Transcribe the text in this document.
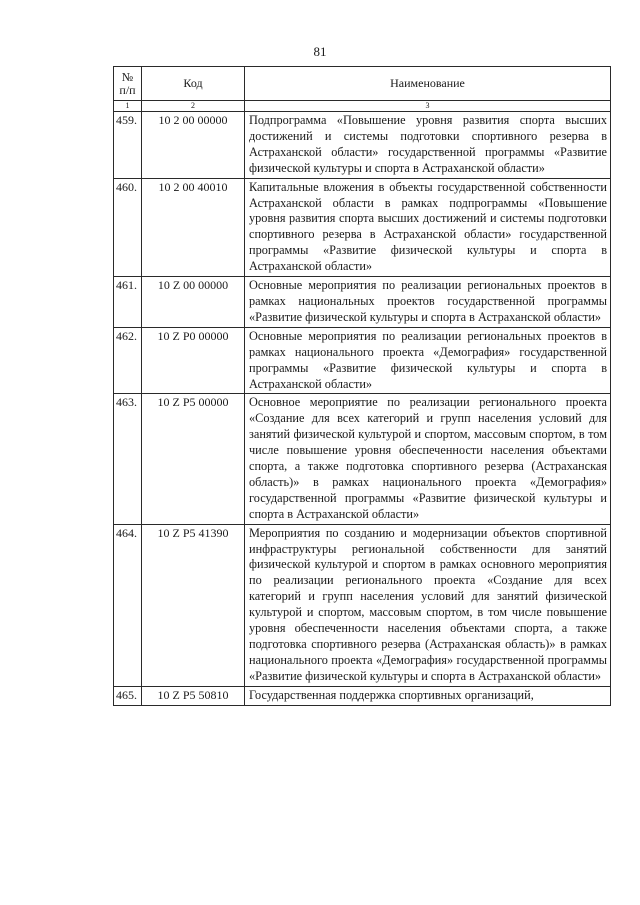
81
№ п/п	Код	Наименование
1	2	3
459.	10 2 00 00000	Подпрограмма «Повышение уровня развития спорта высших достижений и системы подготовки спортивного резерва в Астраханской области» государственной программы «Развитие физической культуры и спорта в Астраханской области»
460.	10 2 00 40010	Капитальные вложения в объекты государственной собственности Астраханской области в рамках подпрограммы «Повышение уровня развития спорта высших достижений и системы подготовки спортивного резерва в Астраханской области» государственной программы «Развитие физической культуры и спорта в Астраханской области»
461.	10 Z 00 00000	Основные мероприятия по реализации региональных проектов в рамках национальных проектов государственной программы «Развитие физической культуры и спорта в Астраханской области»
462.	10 Z P0 00000	Основные мероприятия по реализации региональных проектов в рамках национального проекта «Демография» государственной программы «Развитие физической культуры и спорта в Астраханской области»
463.	10 Z P5 00000	Основное мероприятие по реализации регионального проекта «Создание для всех категорий и групп населения условий для занятий физической культурой и спортом, массовым спортом, в том числе повышение уровня обеспеченности населения объектами спорта, а также подготовка спортивного резерва (Астраханская область)» в рамках национального проекта «Демография» государственной программы «Развитие физической культуры и спорта в Астраханской области»
464.	10 Z P5 41390	Мероприятия по созданию и модернизации объектов спортивной инфраструктуры региональной собственности для занятий физической культурой и спортом в рамках основного мероприятия по реализации регионального проекта «Создание для всех категорий и групп населения условий для занятий физической культурой и спортом, массовым спортом, в том числе повышение уровня обеспеченности населения объектами спорта, а также подготовка спортивного резерва (Астраханская область)» в рамках национального проекта «Демография» государственной программы «Развитие физической культуры и спорта в Астраханской области»
465.	10 Z P5 50810	Государственная поддержка спортивных организаций,
